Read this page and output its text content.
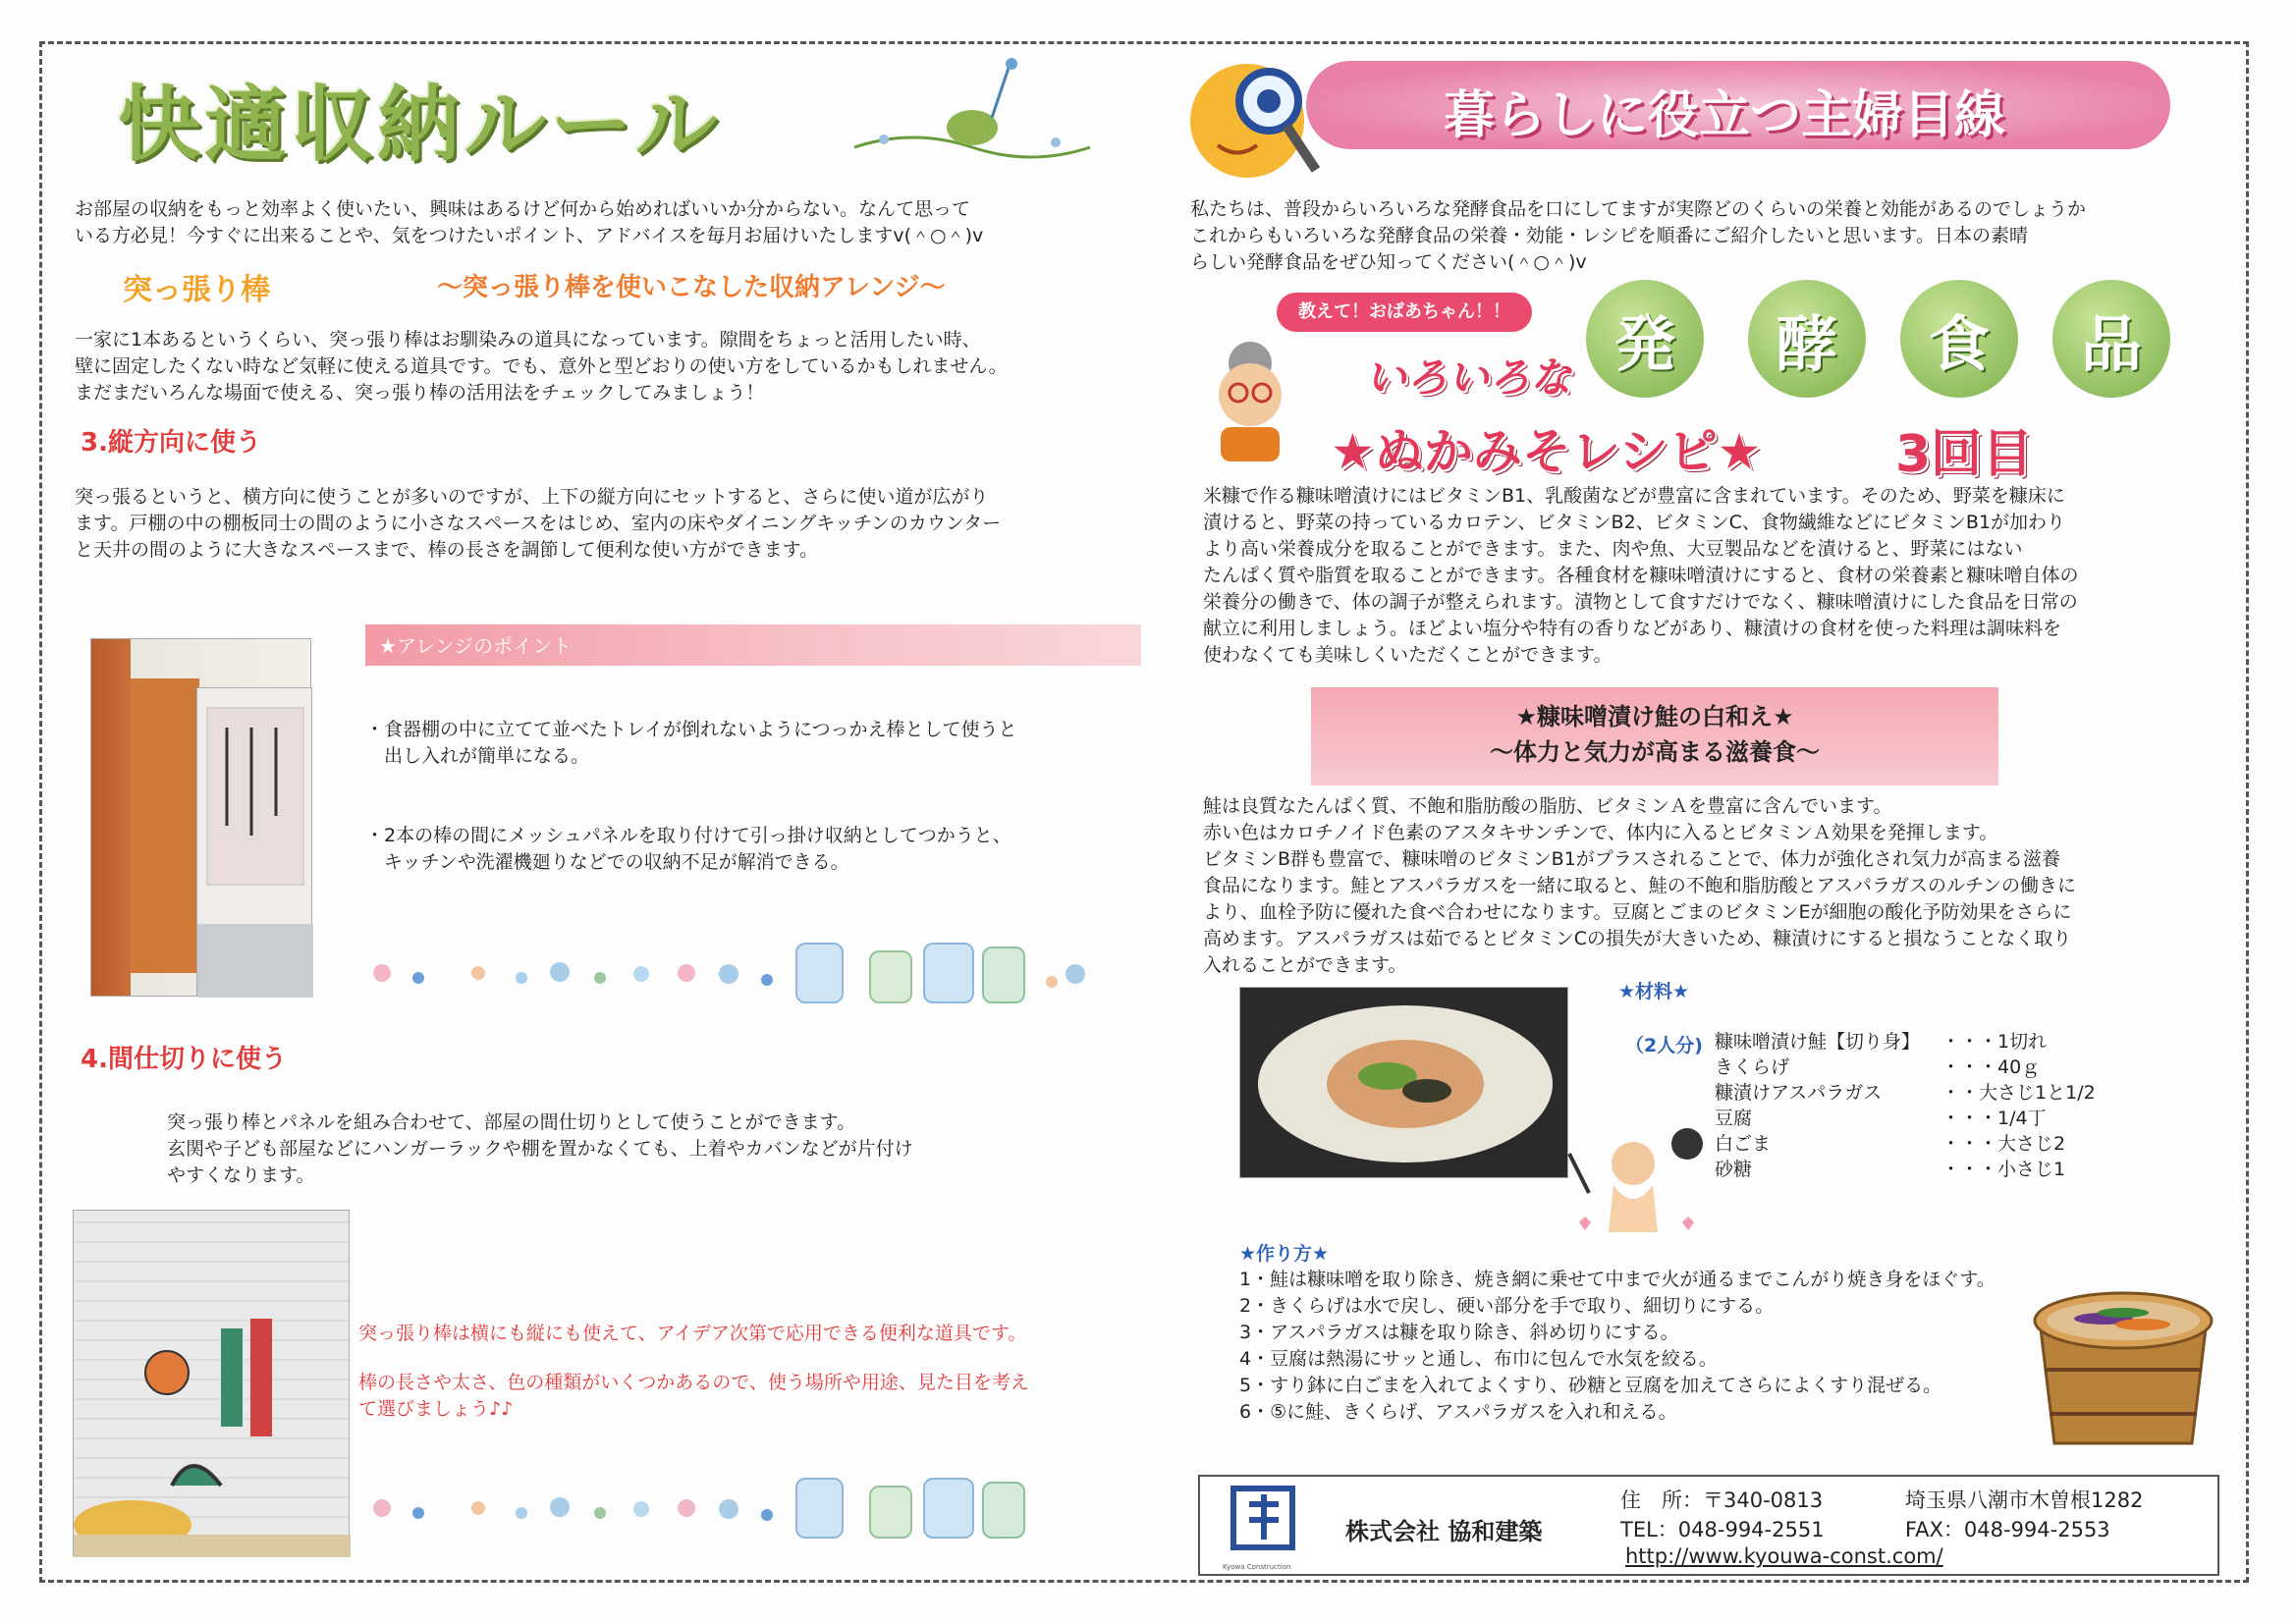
快適収納ルール

お部屋の収納をもっと効率よく使いたい、興味はあるけど何から始めればいいか分からない。なんて思って
いる方必見！今すぐに出来ることや、気をつけたいポイント、アドバイスを毎月お届けいたしますv(＾○＾)v

突っ張り棒	～突っ張り棒を使いこなした収納アレンジ～

一家に1本あるというくらい、突っ張り棒はお馴染みの道具になっています。隙間をちょっと活用したい時、
壁に固定したくない時など気軽に使える道具です。でも、意外と型どおりの使い方をしているかもしれません。
まだまだいろんな場面で使える、突っ張り棒の活用法をチェックしてみましょう！

3.縦方向に使う

突っ張るというと、横方向に使うことが多いのですが、上下の縦方向にセットすると、さらに使い道が広がり
ます。戸棚の中の棚板同士の間のように小さなスペースをはじめ、室内の床やダイニングキッチンのカウンター
と天井の間のように大きなスペースまで、棒の長さを調節して便利な使い方ができます。

★アレンジのポイント

・食器棚の中に立てて並べたトレイが倒れないようにつっかえ棒として使うと
　出し入れが簡単になる。

・2本の棒の間にメッシュパネルを取り付けて引っ掛け収納としてつかうと、
　キッチンや洗濯機廻りなどでの収納不足が解消できる。

4.間仕切りに使う

突っ張り棒とパネルを組み合わせて、部屋の間仕切りとして使うことができます。
玄関や子ども部屋などにハンガーラックや棚を置かなくても、上着やカバンなどが片付け
やすくなります。

突っ張り棒は横にも縦にも使えて、アイデア次第で応用できる便利な道具です。

棒の長さや太さ、色の種類がいくつかあるので、使う場所や用途、見た目を考え
て選びましょう♪♪

暮らしに役立つ主婦目線

私たちは、普段からいろいろな発酵食品を口にしてますが実際どのくらいの栄養と効能があるのでしょうか
これからもいろいろな発酵食品の栄養・効能・レシピを順番にご紹介したいと思います。日本の素晴
らしい発酵食品をぜひ知ってください(＾○＾)v

教えて！おばあちゃん！！
いろいろな 発	酵	食	品
★ぬかみそレシピ★	3回目

米糠で作る糠味噌漬けにはビタミンB1、乳酸菌などが豊富に含まれています。そのため、野菜を糠床に
漬けると、野菜の持っているカロテン、ビタミンB2、ビタミンC、食物繊維などにビタミンB1が加わり
より高い栄養成分を取ることができます。また、肉や魚、大豆製品などを漬けると、野菜にはない
たんぱく質や脂質を取ることができます。各種食材を糠味噌漬けにすると、食材の栄養素と糠味噌自体の
栄養分の働きで、体の調子が整えられます。漬物として食すだけでなく、糠味噌漬けにした食品を日常の
献立に利用しましょう。ほどよい塩分や特有の香りなどがあり、糠漬けの食材を使った料理は調味料を
使わなくても美味しくいただくことができます。

★糠味噌漬け鮭の白和え★
～体力と気力が高まる滋養食～

鮭は良質なたんぱく質、不飽和脂肪酸の脂肪、ビタミンＡを豊富に含んでいます。
赤い色はカロチノイド色素のアスタキサンチンで、体内に入るとビタミンＡ効果を発揮します。
ビタミンB群も豊富で、糠味噌のビタミンB1がプラスされることで、体力が強化され気力が高まる滋養
食品になります。鮭とアスパラガスを一緒に取ると、鮭の不飽和脂肪酸とアスパラガスのルチンの働きに
より、血栓予防に優れた食べ合わせになります。豆腐とごまのビタミンEが細胞の酸化予防効果をさらに
高めます。アスパラガスは茹でるとビタミンCの損失が大きいため、糠漬けにすると損なうことなく取り
入れることができます。

★材料★
（2人分) 糠味噌漬け鮭【切り身】	・・・1切れ
きくらげ	・・・40ｇ
糠漬けアスパラガス	・・大さじ1と1/2
豆腐	・・・1/4丁
白ごま	・・・大さじ2
砂糖	・・・小さじ1
★作り方★
1・鮭は糠味噌を取り除き、焼き網に乗せて中まで火が通るまでこんがり焼き身をほぐす。
2・きくらげは水で戻し、硬い部分を手で取り、細切りにする。
3・アスパラガスは糠を取り除き、斜め切りにする。
4・豆腐は熱湯にサッと通し、布巾に包んで水気を絞る。
5・すり鉢に白ごまを入れてよくすり、砂糖と豆腐を加えてさらによくすり混ぜる。
6・⑤に鮭、きくらげ、アスパラガスを入れ和える。
Kyowa Construction
株式会社 協和建築
住　所：〒340-0813	埼玉県八潮市木曽根1282
TEL：048-994-2551	FAX：048-994-2553
http://www.kyouwa-const.com/
